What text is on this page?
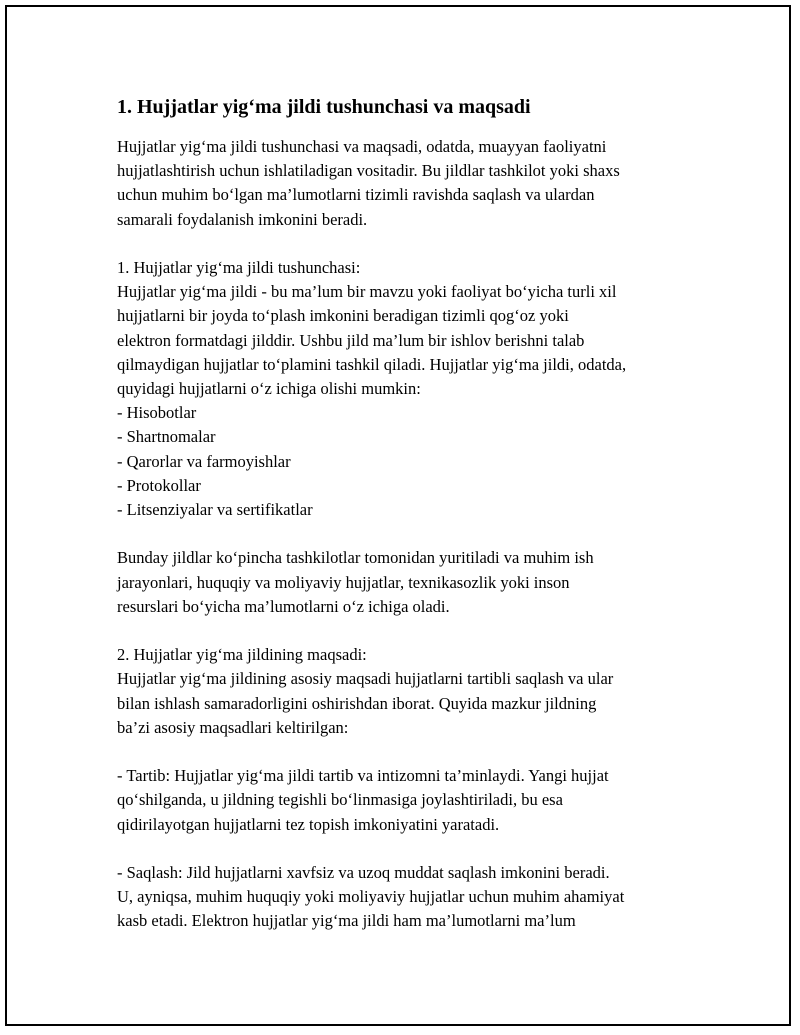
1. Hujjatlar yig‘ma jildi tushunchasi va maqsadi
Hujjatlar yig‘ma jildi tushunchasi va maqsadi, odatda, muayyan faoliyatni
hujjatlashtirish uchun ishlatiladigan vositadir. Bu jildlar tashkilot yoki shaxs
uchun muhim bo‘lgan ma’lumotlarni tizimli ravishda saqlash va ulardan
samarali foydalanish imkonini beradi.
1. Hujjatlar yig‘ma jildi tushunchasi:
Hujjatlar yig‘ma jildi - bu ma’lum bir mavzu yoki faoliyat bo‘yicha turli xil
hujjatlarni bir joyda to‘plash imkonini beradigan tizimli qog‘oz yoki
elektron formatdagi jilddir. Ushbu jild ma’lum bir ishlov berishni talab
qilmaydigan hujjatlar to‘plamini tashkil qiladi. Hujjatlar yig‘ma jildi, odatda,
quyidagi hujjatlarni o‘z ichiga olishi mumkin:
- Hisobotlar
- Shartnomalar
- Qarorlar va farmoyishlar
- Protokollar
- Litsenziyalar va sertifikatlar
Bunday jildlar ko‘pincha tashkilotlar tomonidan yuritiladi va muhim ish
jarayonlari, huquqiy va moliyaviy hujjatlar, texnikasozlik yoki inson
resurslari bo‘yicha ma’lumotlarni o‘z ichiga oladi.
2. Hujjatlar yig‘ma jildining maqsadi:
Hujjatlar yig‘ma jildining asosiy maqsadi hujjatlarni tartibli saqlash va ular
bilan ishlash samaradorligini oshirishdan iborat. Quyida mazkur jildning
ba’zi asosiy maqsadlari keltirilgan:
- Tartib: Hujjatlar yig‘ma jildi tartib va intizomni ta’minlaydi. Yangi hujjat
qo‘shilganda, u jildning tegishli bo‘linmasiga joylashtiriladi, bu esa
qidirilayotgan hujjatlarni tez topish imkoniyatini yaratadi.
- Saqlash: Jild hujjatlarni xavfsiz va uzoq muddat saqlash imkonini beradi.
U, ayniqsa, muhim huquqiy yoki moliyaviy hujjatlar uchun muhim ahamiyat
kasb etadi. Elektron hujjatlar yig‘ma jildi ham ma’lumotlarni ma’lum
